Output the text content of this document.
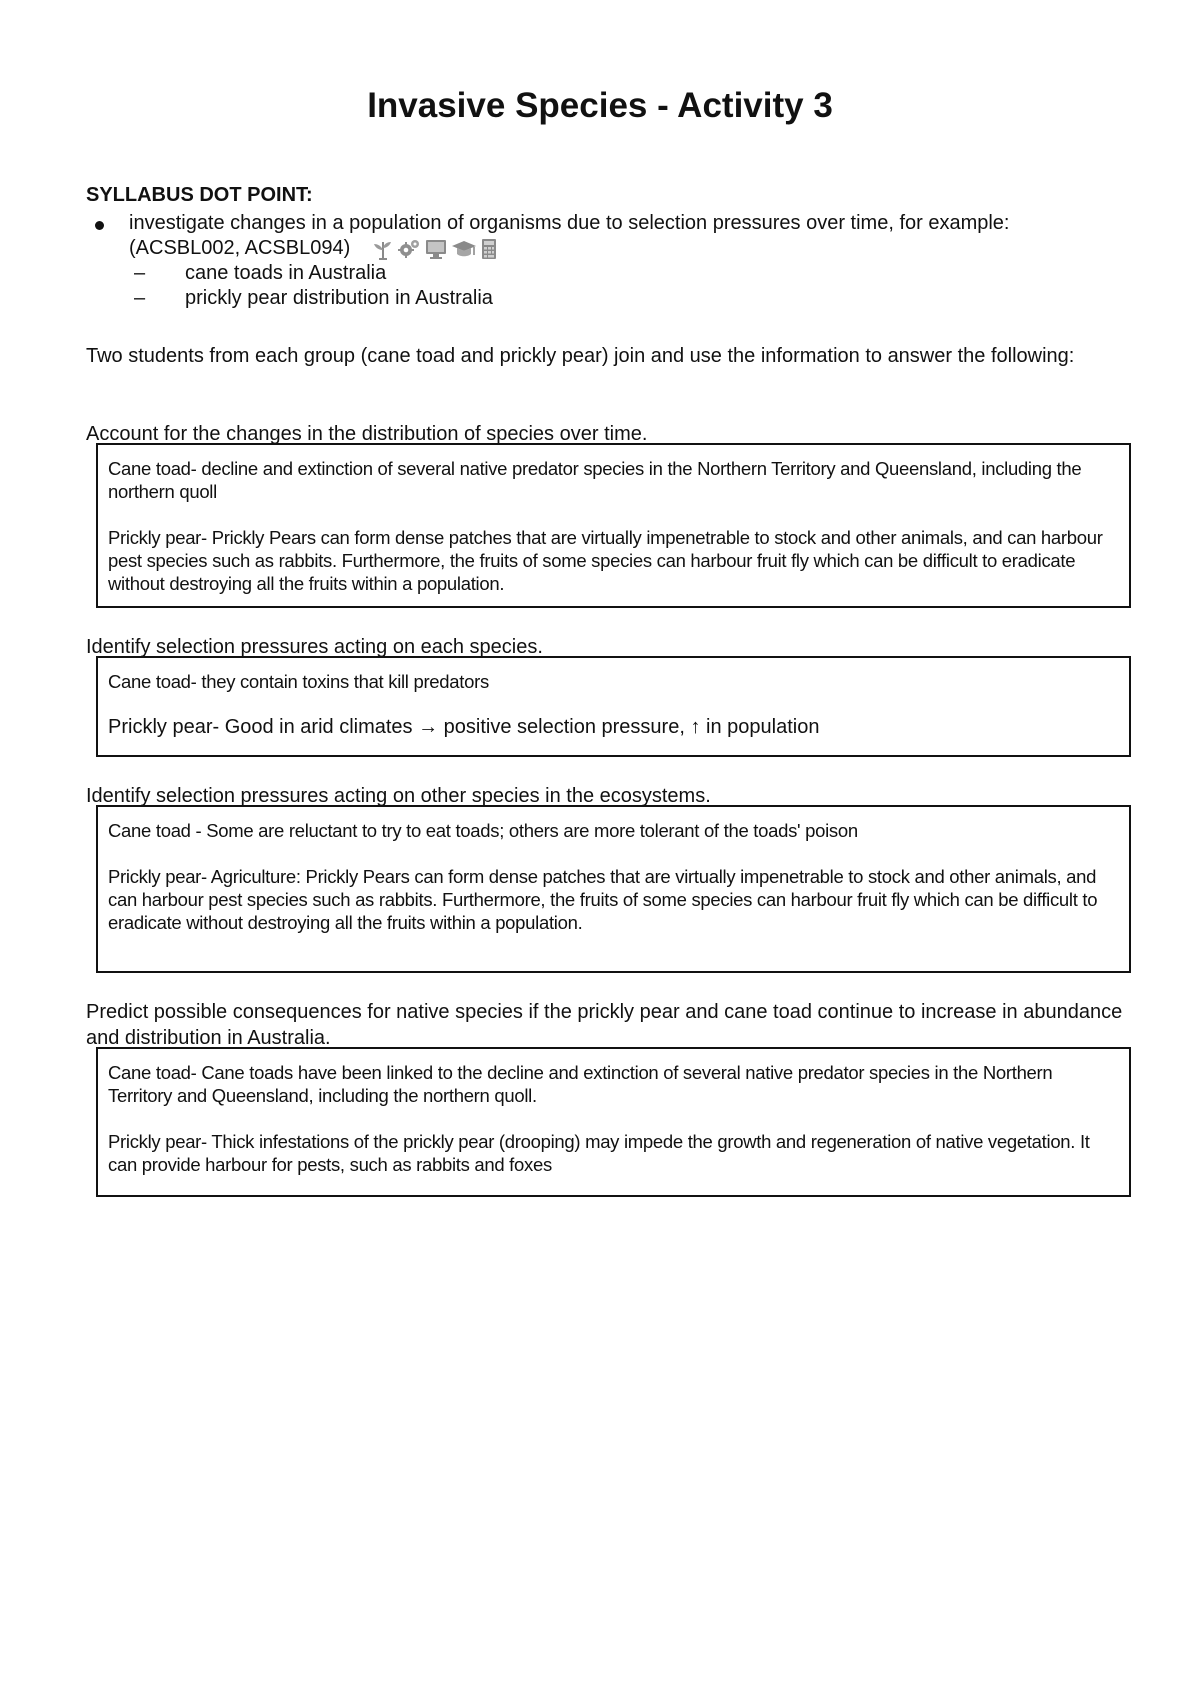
Invasive Species - Activity 3
SYLLABUS DOT POINT:
investigate changes in a population of organisms due to selection pressures over time, for example:
(ACSBL002, ACSBL094)
– cane toads in Australia
– prickly pear distribution in Australia
Two students from each group (cane toad and prickly pear) join and use the information to answer the following:
Account for the changes in the distribution of species over time.

Cane toad- decline and extinction of several native predator species in the Northern Territory and Queensland, including the northern quoll

Prickly pear- Prickly Pears can form dense patches that are virtually impenetrable to stock and other animals, and can harbour pest species such as rabbits. Furthermore, the fruits of some species can harbour fruit fly which can be difficult to eradicate without destroying all the fruits within a population.

Identify selection pressures acting on each species.

Cane toad- they contain toxins that kill predators

Prickly pear- Good in arid climates → positive selection pressure, ↑ in population

Identify selection pressures acting on other species in the ecosystems.

Cane toad - Some are reluctant to try to eat toads; others are more tolerant of the toads' poison

Prickly pear- Agriculture: Prickly Pears can form dense patches that are virtually impenetrable to stock and other animals, and can harbour pest species such as rabbits. Furthermore, the fruits of some species can harbour fruit fly which can be difficult to eradicate without destroying all the fruits within a population.

Predict possible consequences for native species if the prickly pear and cane toad continue to increase in abundance and distribution in Australia.

Cane toad- Cane toads have been linked to the decline and extinction of several native predator species in the Northern Territory and Queensland, including the northern quoll.

Prickly pear- Thick infestations of the prickly pear (drooping) may impede the growth and regeneration of native vegetation. It can provide harbour for pests, such as rabbits and foxes
